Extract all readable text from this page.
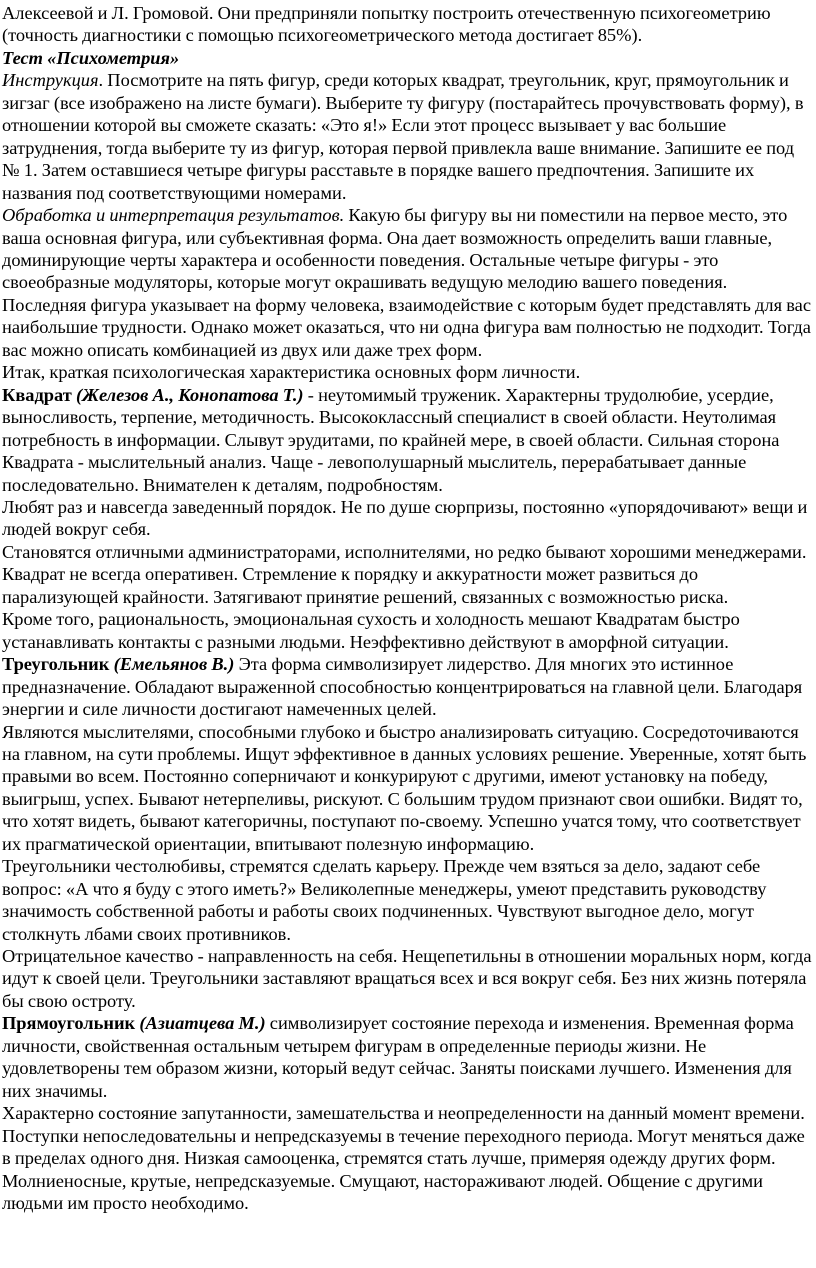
Алексеевой и Л. Громовой. Они предприняли попытку построить отечественную психогеометрию (точность диагностики с помощью психогеометрического метода достигает 85%).

Тест «Психометрия»

Инструкция. Посмотрите на пять фигур, среди которых квадрат, треугольник, круг, прямоугольник и зигзаг (все изображено на листе бумаги). Выберите ту фигуру (постарайтесь прочувствовать форму), в отношении которой вы сможете сказать: «Это я!» Если этот процесс вызывает у вас большие затруднения, тогда выберите ту из фигур, которая первой привлекла ваше внимание. Запишите ее под № 1. Затем оставшиеся четыре фигуры расставьте в порядке вашего предпочтения. Запишите их названия под соответствующими номерами.

Обработка и интерпретация результатов. Какую бы фигуру вы ни поместили на первое место, это ваша основная фигура, или субъективная форма. Она дает возможность определить ваши главные, доминирующие черты характера и особенности поведения. Остальные четыре фигуры - это своеобразные модуляторы, которые могут окрашивать ведущую мелодию вашего поведения. Последняя фигура указывает на форму человека, взаимодействие с которым будет представлять для вас наибольшие трудности. Однако может оказаться, что ни одна фигура вам полностью не подходит. Тогда вас можно описать комбинацией из двух или даже трех форм.

Итак, краткая психологическая характеристика основных форм личности.

Квадрат (Железов А., Конопатова Т.) - неутомимый труженик. Характерны трудолюбие, усердие, выносливость, терпение, методичность. Высококлассный специалист в своей области. Неутолимая потребность в информации. Слывут эрудитами, по крайней мере, в своей области. Сильная сторона Квадрата - мыслительный анализ. Чаще - левополушарный мыслитель, перерабатывает данные последовательно. Внимателен к деталям, подробностям.

Любят раз и навсегда заведенный порядок. Не по душе сюрпризы, постоянно «упорядочивают» вещи и людей вокруг себя.

Становятся отличными администраторами, исполнителями, но редко бывают хорошими менеджерами. Квадрат не всегда оперативен. Стремление к порядку и аккуратности может развиться до парализующей крайности. Затягивают принятие решений, связанных с возможностью риска.

Кроме того, рациональность, эмоциональная сухость и холодность мешают Квадратам быстро устанавливать контакты с разными людьми. Неэффективно действуют в аморфной ситуации.

Треугольник (Емельянов В.) Эта форма символизирует лидерство. Для многих это истинное предназначение. Обладают выраженной способностью концентрироваться на главной цели. Благодаря энергии и силе личности достигают намеченных целей.

Являются мыслителями, способными глубоко и быстро анализировать ситуацию. Сосредоточиваются на главном, на сути проблемы. Ищут эффективное в данных условиях решение. Уверенные, хотят быть правыми во всем. Постоянно соперничают и конкурируют с другими, имеют установку на победу, выигрыш, успех. Бывают нетерпеливы, рискуют. С большим трудом признают свои ошибки. Видят то, что хотят видеть, бывают категоричны, поступают по-своему. Успешно учатся тому, что соответствует их прагматической ориентации, впитывают полезную информацию.

Треугольники честолюбивы, стремятся сделать карьеру. Прежде чем взяться за дело, задают себе вопрос: «А что я буду с этого иметь?» Великолепные менеджеры, умеют представить руководству значимость собственной работы и работы своих подчиненных. Чувствуют выгодное дело, могут столкнуть лбами своих противников.

Отрицательное качество - направленность на себя. Нещепетильны в отношении моральных норм, когда идут к своей цели. Треугольники заставляют вращаться всех и вся вокруг себя. Без них жизнь потеряла бы свою остроту.

Прямоугольник (Азиатцева М.) символизирует состояние перехода и изменения. Временная форма личности, свойственная остальным четырем фигурам в определенные периоды жизни. Не удовлетворены тем образом жизни, который ведут сейчас. Заняты поисками лучшего. Изменения для них значимы.

Характерно состояние запутанности, замешательства и неопределенности на данный момент времени. Поступки непоследовательны и непредсказуемы в течение переходного периода. Могут меняться даже в пределах одного дня. Низкая самооценка, стремятся стать лучше, примеряя одежду других форм. Молниеносные, крутые, непредсказуемые. Смущают, настораживают людей. Общение с другими людьми им просто необходимо.
